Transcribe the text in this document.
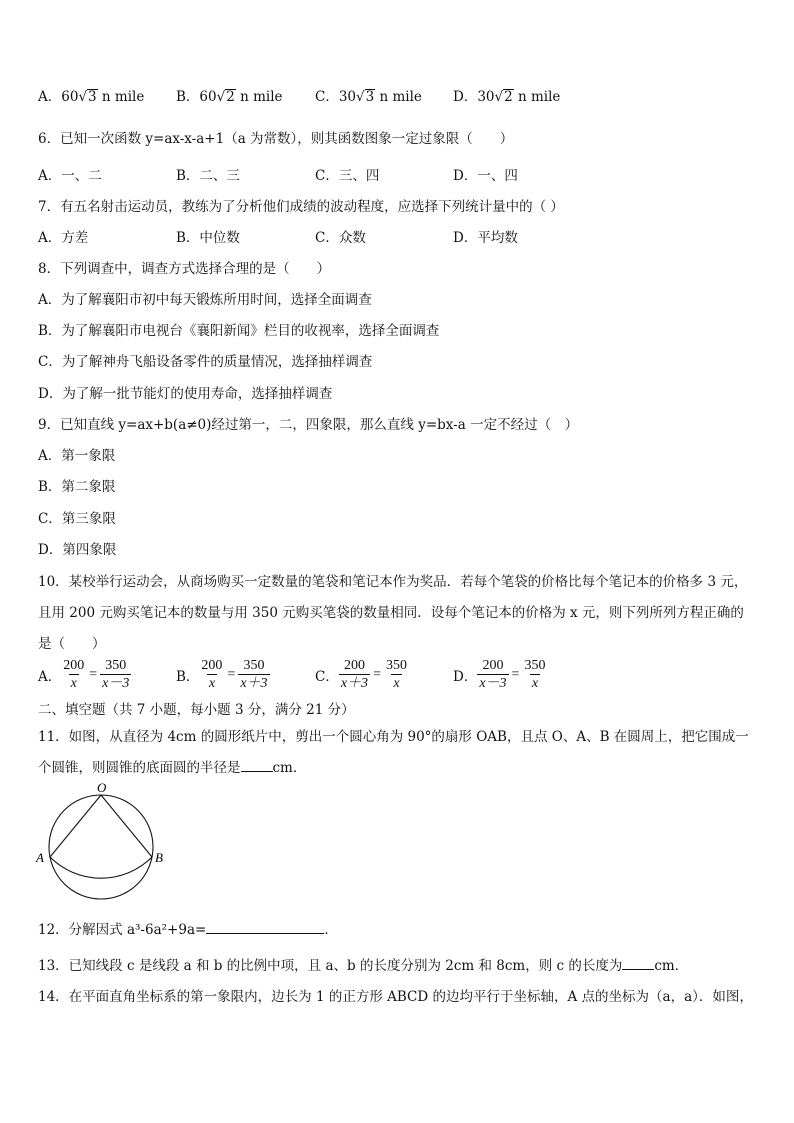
A．60√3 n mile B．60√2 n mile C．30√3 n mile D．30√2 n mile
6．已知一次函数 y=ax-x-a+1（a 为常数），则其函数图象一定过象限（　　）
A．一、二	B．二、三	C．三、四	D．一、四
7．有五名射击运动员，教练为了分析他们成绩的波动程度，应选择下列统计量中的（ ）
A．方差	B．中位数	C．众数	D．平均数
8．下列调查中，调查方式选择合理的是（　　）
A．为了解襄阳市初中每天锻炼所用时间，选择全面调查
B．为了解襄阳市电视台《襄阳新闻》栏目的收视率，选择全面调查
C．为了解神舟飞船设备零件的质量情况，选择抽样调查
D．为了解一批节能灯的使用寿命，选择抽样调查
9．已知直线 y=ax+b(a≠0)经过第一，二，四象限，那么直线 y=bx-a 一定不经过（　）
A．第一象限
B．第二象限
C．第三象限
D．第四象限
10．某校举行运动会，从商场购买一定数量的笔袋和笔记本作为奖品．若每个笔袋的价格比每个笔记本的价格多 3 元，
且用 200 元购买笔记本的数量与用 350 元购买笔袋的数量相同．设每个笔记本的价格为 x 元，则下列所列方程正确的
是（　　）
A． $\frac{200}{x} = \frac{350}{x-3}$	B． $\frac{200}{x} = \frac{350}{x+3}$	C． $\frac{200}{x+3} = \frac{350}{x}$	D． $\frac{200}{x-3} = \frac{350}{x}$
二、填空题（共 7 小题，每小题 3 分，满分 21 分）
11．如图，从直径为 4cm 的圆形纸片中，剪出一个圆心角为 90°的扇形 OAB，且点 O、A、B 在圆周上，把它围成一
个圆锥，则圆锥的底面圆的半径是 cm．
O
A	B
12．分解因式 a³-6a²+9a=	．
13．已知线段 c 是线段 a 和 b 的比例中项，且 a、b 的长度分别为 2cm 和 8cm，则 c 的长度为 cm．
14．在平面直角坐标系的第一象限内，边长为 1 的正方形 ABCD 的边均平行于坐标轴，A 点的坐标为（a，a）．如图，
